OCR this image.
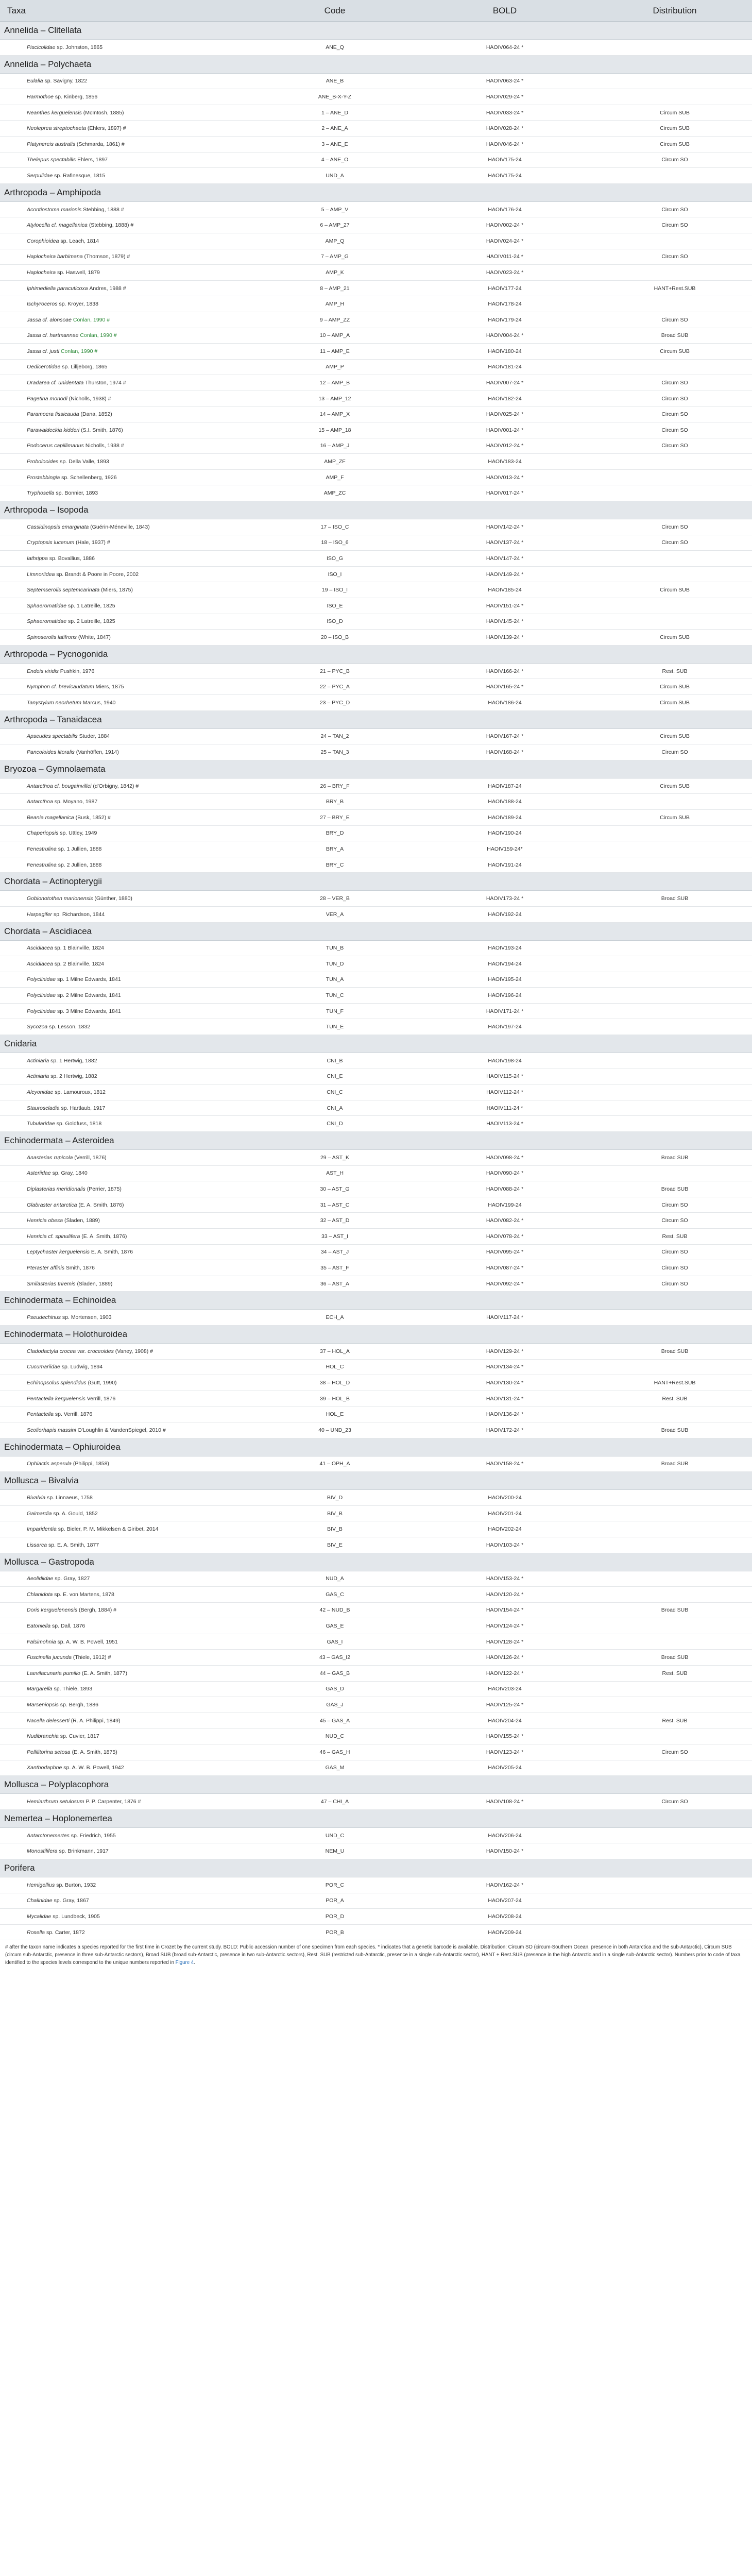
Taxa	Code	BOLD	Distribution
Annelida – Clitellata			
Piscicolidae sp. Johnston, 1865	ANE_Q	HAOIV064-24 *	
Annelida – Polychaeta			
Eulalia sp. Savigny, 1822	ANE_B	HAOIV063-24 *	
Harmothoe sp. Kinberg, 1856	ANE_B-X-Y-Z	HAOIV029-24 *	
Neanthes kerguelensis (McIntosh, 1885)	1 – ANE_D	HAOIV033-24 *	Circum SUB
Neoleprea streptochaeta (Ehlers, 1897) #	2 – ANE_A	HAOIV028-24 *	Circum SUB
Platynereis australis (Schmarda, 1861) #	3 – ANE_E	HAOIV046-24 *	Circum SUB
Thelepus spectabilis Ehlers, 1897	4 – ANE_O	HAOIV175-24	Circum SO
Serpulidae sp. Rafinesque, 1815	UND_A	HAOIV175-24	
Arthropoda – Amphipoda			
Acontiostoma marionis Stebbing, 1888 #	5 – AMP_V	HAOIV176-24	Circum SO
Atylocella cf. magellanica (Stebbing, 1888) #	6 – AMP_27	HAOIV002-24 *	Circum SO
Corophioidea sp. Leach, 1814	AMP_Q	HAOIV024-24 *	
Haplocheira barbimana (Thomson, 1879) #	7 – AMP_G	HAOIV011-24 *	Circum SO
Haplocheira sp. Haswell, 1879	AMP_K	HAOIV023-24 *	
Iphimediella paracuticoxa Andres, 1988 #	8 – AMP_21	HAOIV177-24	HANT+Rest.SUB
Ischyroceros sp. Kroyer, 1838	AMP_H	HAOIV178-24	
Jassa cf. alonsoae Conlan, 1990 #	9 – AMP_ZZ	HAOIV179-24	Circum SO
Jassa cf. hartmannae Conlan, 1990 #	10 – AMP_A	HAOIV004-24 *	Broad SUB
Jassa cf. justi Conlan, 1990 #	11 – AMP_E	HAOIV180-24	Circum SUB
Oedicerotidae sp. Lilljeborg, 1865	AMP_P	HAOIV181-24	
Oradarea cf. unidentata Thurston, 1974 #	12 – AMP_B	HAOIV007-24 *	Circum SO
Pagetina monodi (Nicholls, 1938) #	13 – AMP_12	HAOIV182-24	Circum SO
Paramoera fissicauda (Dana, 1852)	14 – AMP_X	HAOIV025-24 *	Circum SO
Parawaldeckia kidderi (S.I. Smith, 1876)	15 – AMP_18	HAOIV001-24 *	Circum SO
Podocerus capillimanus Nicholls, 1938 #	16 – AMP_J	HAOIV012-24 *	Circum SO
Probolooides sp. Della Valle, 1893	AMP_ZF	HAOIV183-24	
Prostebbingia sp. Schellenberg, 1926	AMP_F	HAOIV013-24 *	
Tryphosella sp. Bonnier, 1893	AMP_ZC	HAOIV017-24 *	
Arthropoda – Isopoda			
Cassidinopsis emarginata (Guérin-Méneville, 1843)	17 – ISO_C	HAOIV142-24 *	Circum SO
Cryptopsis lucenum (Hale, 1937) #	18 – ISO_6	HAOIV137-24 *	Circum SO
Iathrippa sp. Bovallius, 1886	ISO_G	HAOIV147-24 *	
Limnoriidea sp. Brandt & Poore in Poore, 2002	ISO_I	HAOIV149-24 *	
Septemserolis septemcarinata (Miers, 1875)	19 – ISO_I	HAOIV185-24	Circum SUB
Sphaeromatidae sp. 1 Latreille, 1825	ISO_E	HAOIV151-24 *	
Sphaeromatidae sp. 2 Latreille, 1825	ISO_D	HAOIV145-24 *	
Spinoserolis latifrons (White, 1847)	20 – ISO_B	HAOIV139-24 *	Circum SUB
Arthropoda – Pycnogonida			
Endeis viridis Pushkin, 1976	21 – PYC_B	HAOIV166-24 *	Rest. SUB
Nymphon cf. brevicaudatum Miers, 1875	22 – PYC_A	HAOIV165-24 *	Circum SUB
Tanystylum neorhetum Marcus, 1940	23 – PYC_D	HAOIV186-24	Circum SUB
Arthropoda – Tanaidacea			
Apseudes spectabilis Studer, 1884	24 – TAN_2	HAOIV167-24 *	Circum SUB
Pancoloides litoralis (Vanhöffen, 1914)	25 – TAN_3	HAOIV168-24 *	Circum SO
Bryozoa – Gymnolaemata			
Antarcthoa cf. bougainvillei (d'Orbigny, 1842) #	26 – BRY_F	HAOIV187-24	Circum SUB
Antarcthoa sp. Moyano, 1987	BRY_B	HAOIV188-24	
Beania magellanica (Busk, 1852) #	27 – BRY_E	HAOIV189-24	Circum SUB
Chaperiopsis sp. Uttley, 1949	BRY_D	HAOIV190-24	
Fenestrulina sp. 1 Jullien, 1888	BRY_A	HAOIV159-24*	
Fenestrulina sp. 2 Jullien, 1888	BRY_C	HAOIV191-24	
Chordata – Actinopterygii			
Gobionotothen marionensis (Günther, 1880)	28 – VER_B	HAOIV173-24 *	Broad SUB
Harpagifer sp. Richardson, 1844	VER_A	HAOIV192-24	
Chordata – Ascidiacea			
Ascidiacea sp. 1 Blainville, 1824	TUN_B	HAOIV193-24	
Ascidiacea sp. 2 Blainville, 1824	TUN_D	HAOIV194-24	
Polyclinidae sp. 1 Milne Edwards, 1841	TUN_A	HAOIV195-24	
Polyclinidae sp. 2 Milne Edwards, 1841	TUN_C	HAOIV196-24	
Polyclinidae sp. 3 Milne Edwards, 1841	TUN_F	HAOIV171-24 *	
Sycozoa sp. Lesson, 1832	TUN_E	HAOIV197-24	
Cnidaria			
Actiniaria sp. 1 Hertwig, 1882	CNI_B	HAOIV198-24	
Actiniaria sp. 2 Hertwig, 1882	CNI_E	HAOIV115-24 *	
Alcyonidae sp. Lamouroux, 1812	CNI_C	HAOIV112-24 *	
Stauroscladia sp. Hartlaub, 1917	CNI_A	HAOIV111-24 *	
Tubularidae sp. Goldfuss, 1818	CNI_D	HAOIV113-24 *	
Echinodermata – Asteroidea			
Anasterias rupicola (Verrill, 1876)	29 – AST_K	HAOIV098-24 *	Broad SUB
Asteriidae sp. Gray, 1840	AST_H	HAOIV090-24 *	
Diplasterias meridionalis (Perrier, 1875)	30 – AST_G	HAOIV088-24 *	Broad SUB
Glabraster antarctica (E. A. Smith, 1876)	31 – AST_C	HAOIV199-24	Circum SO
Henricia obesa (Sladen, 1889)	32 – AST_D	HAOIV082-24 *	Circum SO
Henricia cf. spinulifera (E. A. Smith, 1876)	33 – AST_I	HAOIV078-24 *	Rest. SUB
Leptychaster kerguelensis E. A. Smith, 1876	34 – AST_J	HAOIV095-24 *	Circum SO
Pteraster affinis Smith, 1876	35 – AST_F	HAOIV087-24 *	Circum SO
Smilasterias triremis (Sladen, 1889)	36 – AST_A	HAOIV092-24 *	Circum SO
Echinodermata – Echinoidea			
Pseudechinus sp. Mortensen, 1903	ECH_A	HAOIV117-24 *	
Echinodermata – Holothuroidea			
Cladodactyla crocea var. croceoides (Vaney, 1908) #	37 – HOL_A	HAOIV129-24 *	Broad SUB
Cucumariidae sp. Ludwig, 1894	HOL_C	HAOIV134-24 *	
Echinopsolus splendidus (Gutt, 1990)	38 – HOL_D	HAOIV130-24 *	HANT+Rest.SUB
Pentactella kerguelensis Verrill, 1876	39 – HOL_B	HAOIV131-24 *	Rest. SUB
Pentactella sp. Verrill, 1876	HOL_E	HAOIV136-24 *	
Scoliorhapis massini O'Loughlin & VandenSpiegel, 2010 #	40 – UND_23	HAOIV172-24 *	Broad SUB
Echinodermata – Ophiuroidea			
Ophiactis asperula (Philippi, 1858)	41 – OPH_A	HAOIV158-24 *	Broad SUB
Mollusca – Bivalvia			
Bivalvia sp. Linnaeus, 1758	BIV_D	HAOIV200-24	
Gaimardia sp. A. Gould, 1852	BIV_B	HAOIV201-24	
Imparidentia sp. Bieler, P. M. Mikkelsen & Giribet, 2014	BIV_B	HAOIV202-24	
Lissarca sp. E. A. Smith, 1877	BIV_E	HAOIV103-24 *	
Mollusca – Gastropoda			
Aeolidiidae sp. Gray, 1827	NUD_A	HAOIV153-24 *	
Chlanidota sp. E. von Martens, 1878	GAS_C	HAOIV120-24 *	
Doris kerguelenensis (Bergh, 1884) #	42 – NUD_B	HAOIV154-24 *	Broad SUB
Eatoniella sp. Dall, 1876	GAS_E	HAOIV124-24 *	
Falsimohnia sp. A. W. B. Powell, 1951	GAS_I	HAOIV128-24 *	
Fuscinella jucunda (Thiele, 1912) #	43 – GAS_I2	HAOIV126-24 *	Broad SUB
Laevilacunaria pumilio (E. A. Smith, 1877)	44 – GAS_B	HAOIV122-24 *	Rest. SUB
Margarella sp. Thiele, 1893	GAS_D	HAOIV203-24	
Marseniopsis sp. Bergh, 1886	GAS_J	HAOIV125-24 *	
Nacella delesserti (R. A. Philippi, 1849)	45 – GAS_A	HAOIV204-24	Rest. SUB
Nudibranchia sp. Cuvier, 1817	NUD_C	HAOIV155-24 *	
Pellilitorina setosa (E. A. Smith, 1875)	46 – GAS_H	HAOIV123-24 *	Circum SO
Xanthodaphne sp. A. W. B. Powell, 1942	GAS_M	HAOIV205-24	
Mollusca – Polyplacophora			
Hemiarthrum setulosum P. P. Carpenter, 1876 #	47 – CHI_A	HAOIV108-24 *	Circum SO
Nemertea – Hoplonemertea			
Antarctonemertes sp. Friedrich, 1955	UND_C	HAOIV206-24	
Monostilifera sp. Brinkmann, 1917	NEM_U	HAOIV150-24 *	
Porifera			
Hemigellius sp. Burton, 1932	POR_C	HAOIV162-24 *	
Chalinidae sp. Gray, 1867	POR_A	HAOIV207-24	
Mycalidae sp. Lundbeck, 1905	POR_D	HAOIV208-24	
Rosella sp. Carter, 1872	POR_B	HAOIV209-24	
# after the taxon name indicates a species reported for the first time in Crozet by the current study. BOLD: Public accession number of one specimen from each species. * indicates that a genetic barcode is available. Distribution: Circum SO (circum-Southern Ocean, presence in both Antarctica and the sub-Antarctic), Circum SUB (circum sub-Antarctic, presence in three sub-Antarctic sectors), Broad SUB (broad sub-Antarctic, presence in two sub-Antarctic sectors), Rest. SUB (restricted sub-Antarctic, presence in a single sub-Antarctic sector), HANT + Rest.SUB (presence in the high Antarctic and in a single sub-Antarctic sector). Numbers prior to code of taxa identified to the species levels correspond to the unique numbers reported in Figure 4.
